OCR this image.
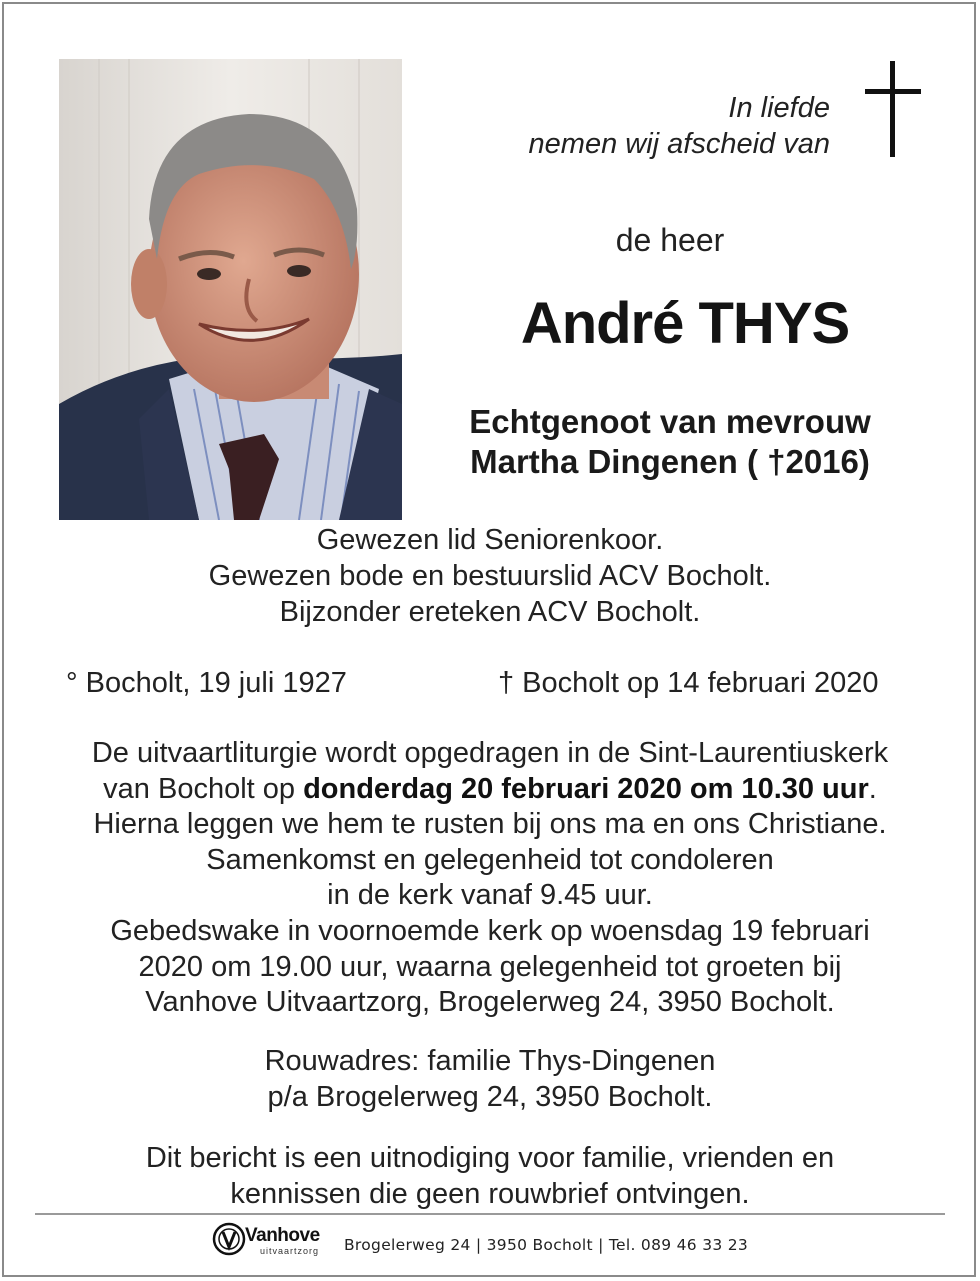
In liefde
nemen wij afscheid van
de heer
André THYS
Echtgenoot van mevrouw
Martha Dingenen ( †2016)
Gewezen lid Seniorenkoor.
Gewezen bode en bestuurslid ACV Bocholt.
Bijzonder ereteken ACV Bocholt.
° Bocholt, 19 juli 1927	† Bocholt op 14 februari 2020
De uitvaartliturgie wordt opgedragen in de Sint-Laurentiuskerk
van Bocholt op donderdag 20 februari 2020 om 10.30 uur.
Hierna leggen we hem te rusten bij ons ma en ons Christiane.
Samenkomst en gelegenheid tot condoleren
in de kerk vanaf 9.45 uur.
Gebedswake in voornoemde kerk op woensdag 19 februari
2020 om 19.00 uur, waarna gelegenheid tot groeten bij
Vanhove Uitvaartzorg, Brogelerweg 24, 3950 Bocholt.
Rouwadres: familie Thys-Dingenen
p/a Brogelerweg 24, 3950 Bocholt.
Dit bericht is een uitnodiging voor familie, vrienden en
kennissen die geen rouwbrief ontvingen.
Vanhove
uitvaartzorg Brogelerweg 24 | 3950 Bocholt | Tel. 089 46 33 23
